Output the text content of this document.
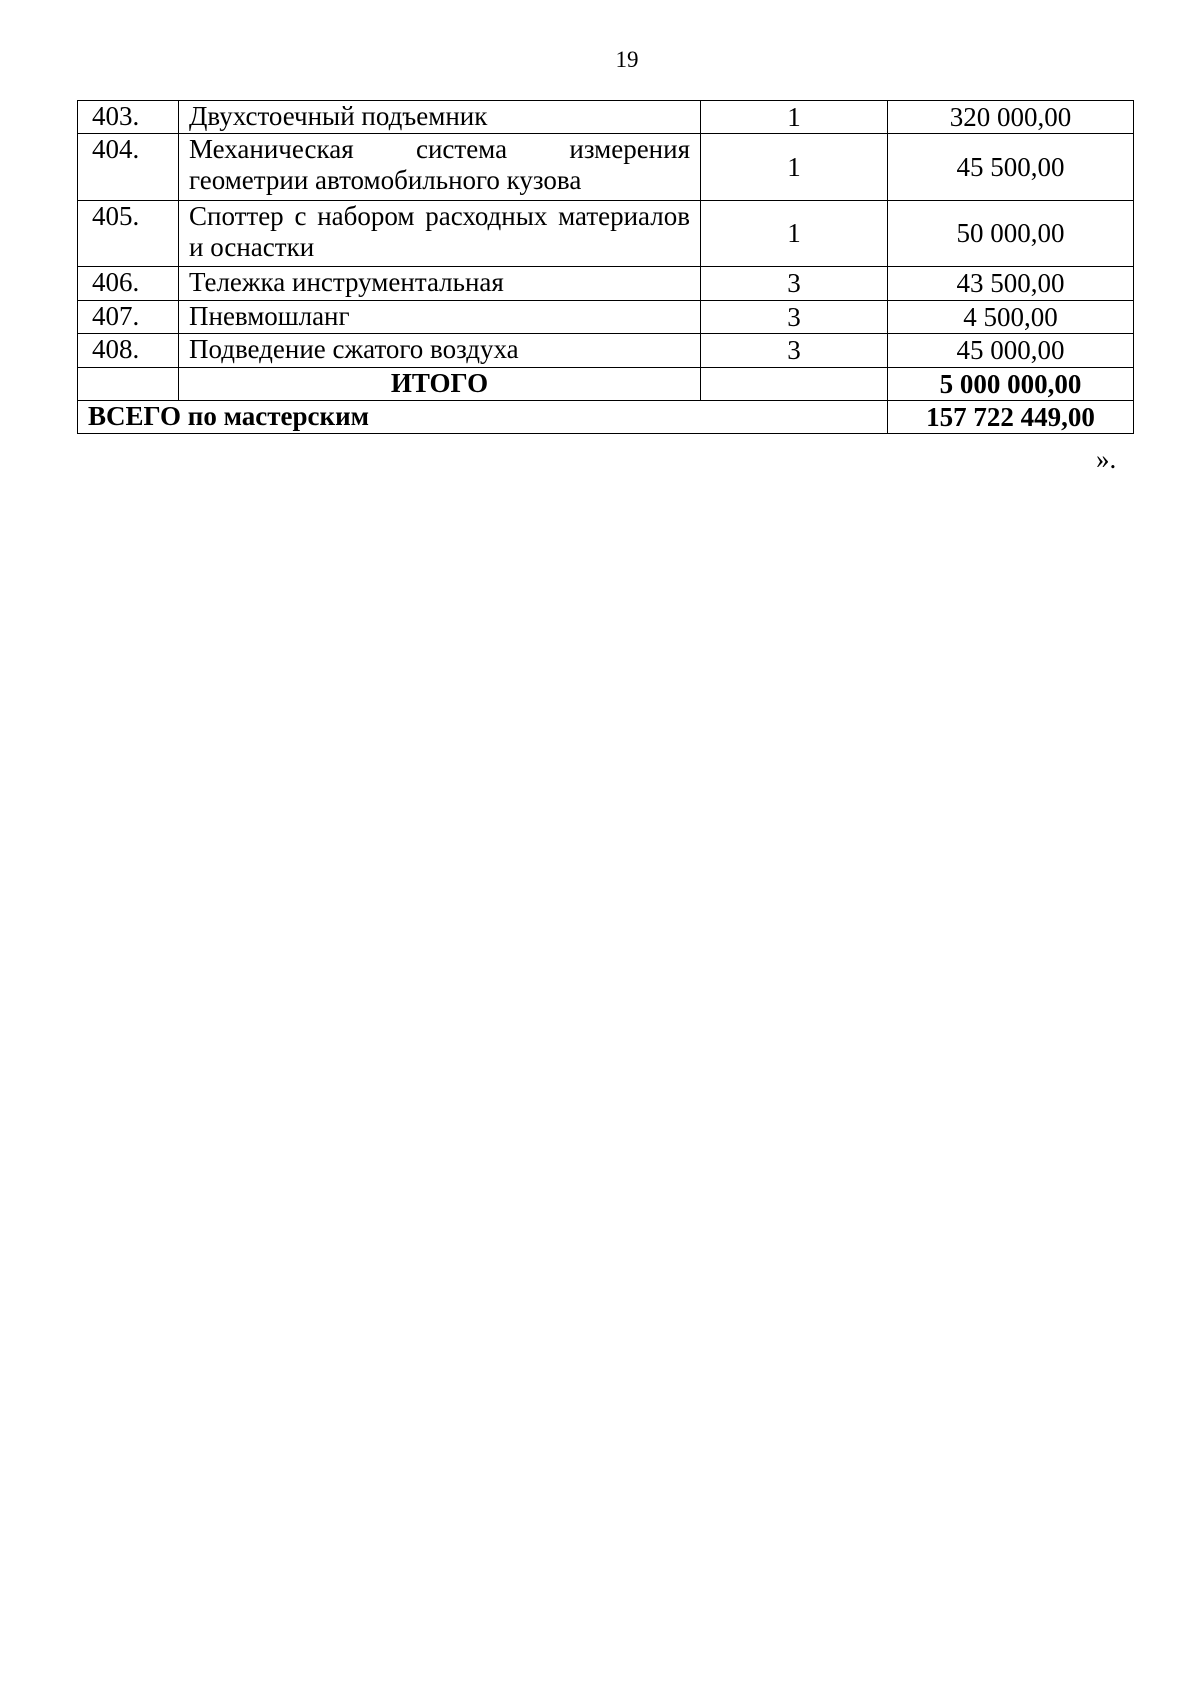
19
403.	Двухстоечный подъемник	1	320 000,00
404.	Механическая система измерения геометрии автомобильного кузова	1	45 500,00
405.	Споттер с набором расходных материалов и оснастки	1	50 000,00
406.	Тележка инструментальная	3	43 500,00
407.	Пневмошланг	3	4 500,00
408.	Подведение сжатого воздуха	3	45 000,00
	ИТОГО		5 000 000,00
ВСЕГО по мастерским			157 722 449,00
».
